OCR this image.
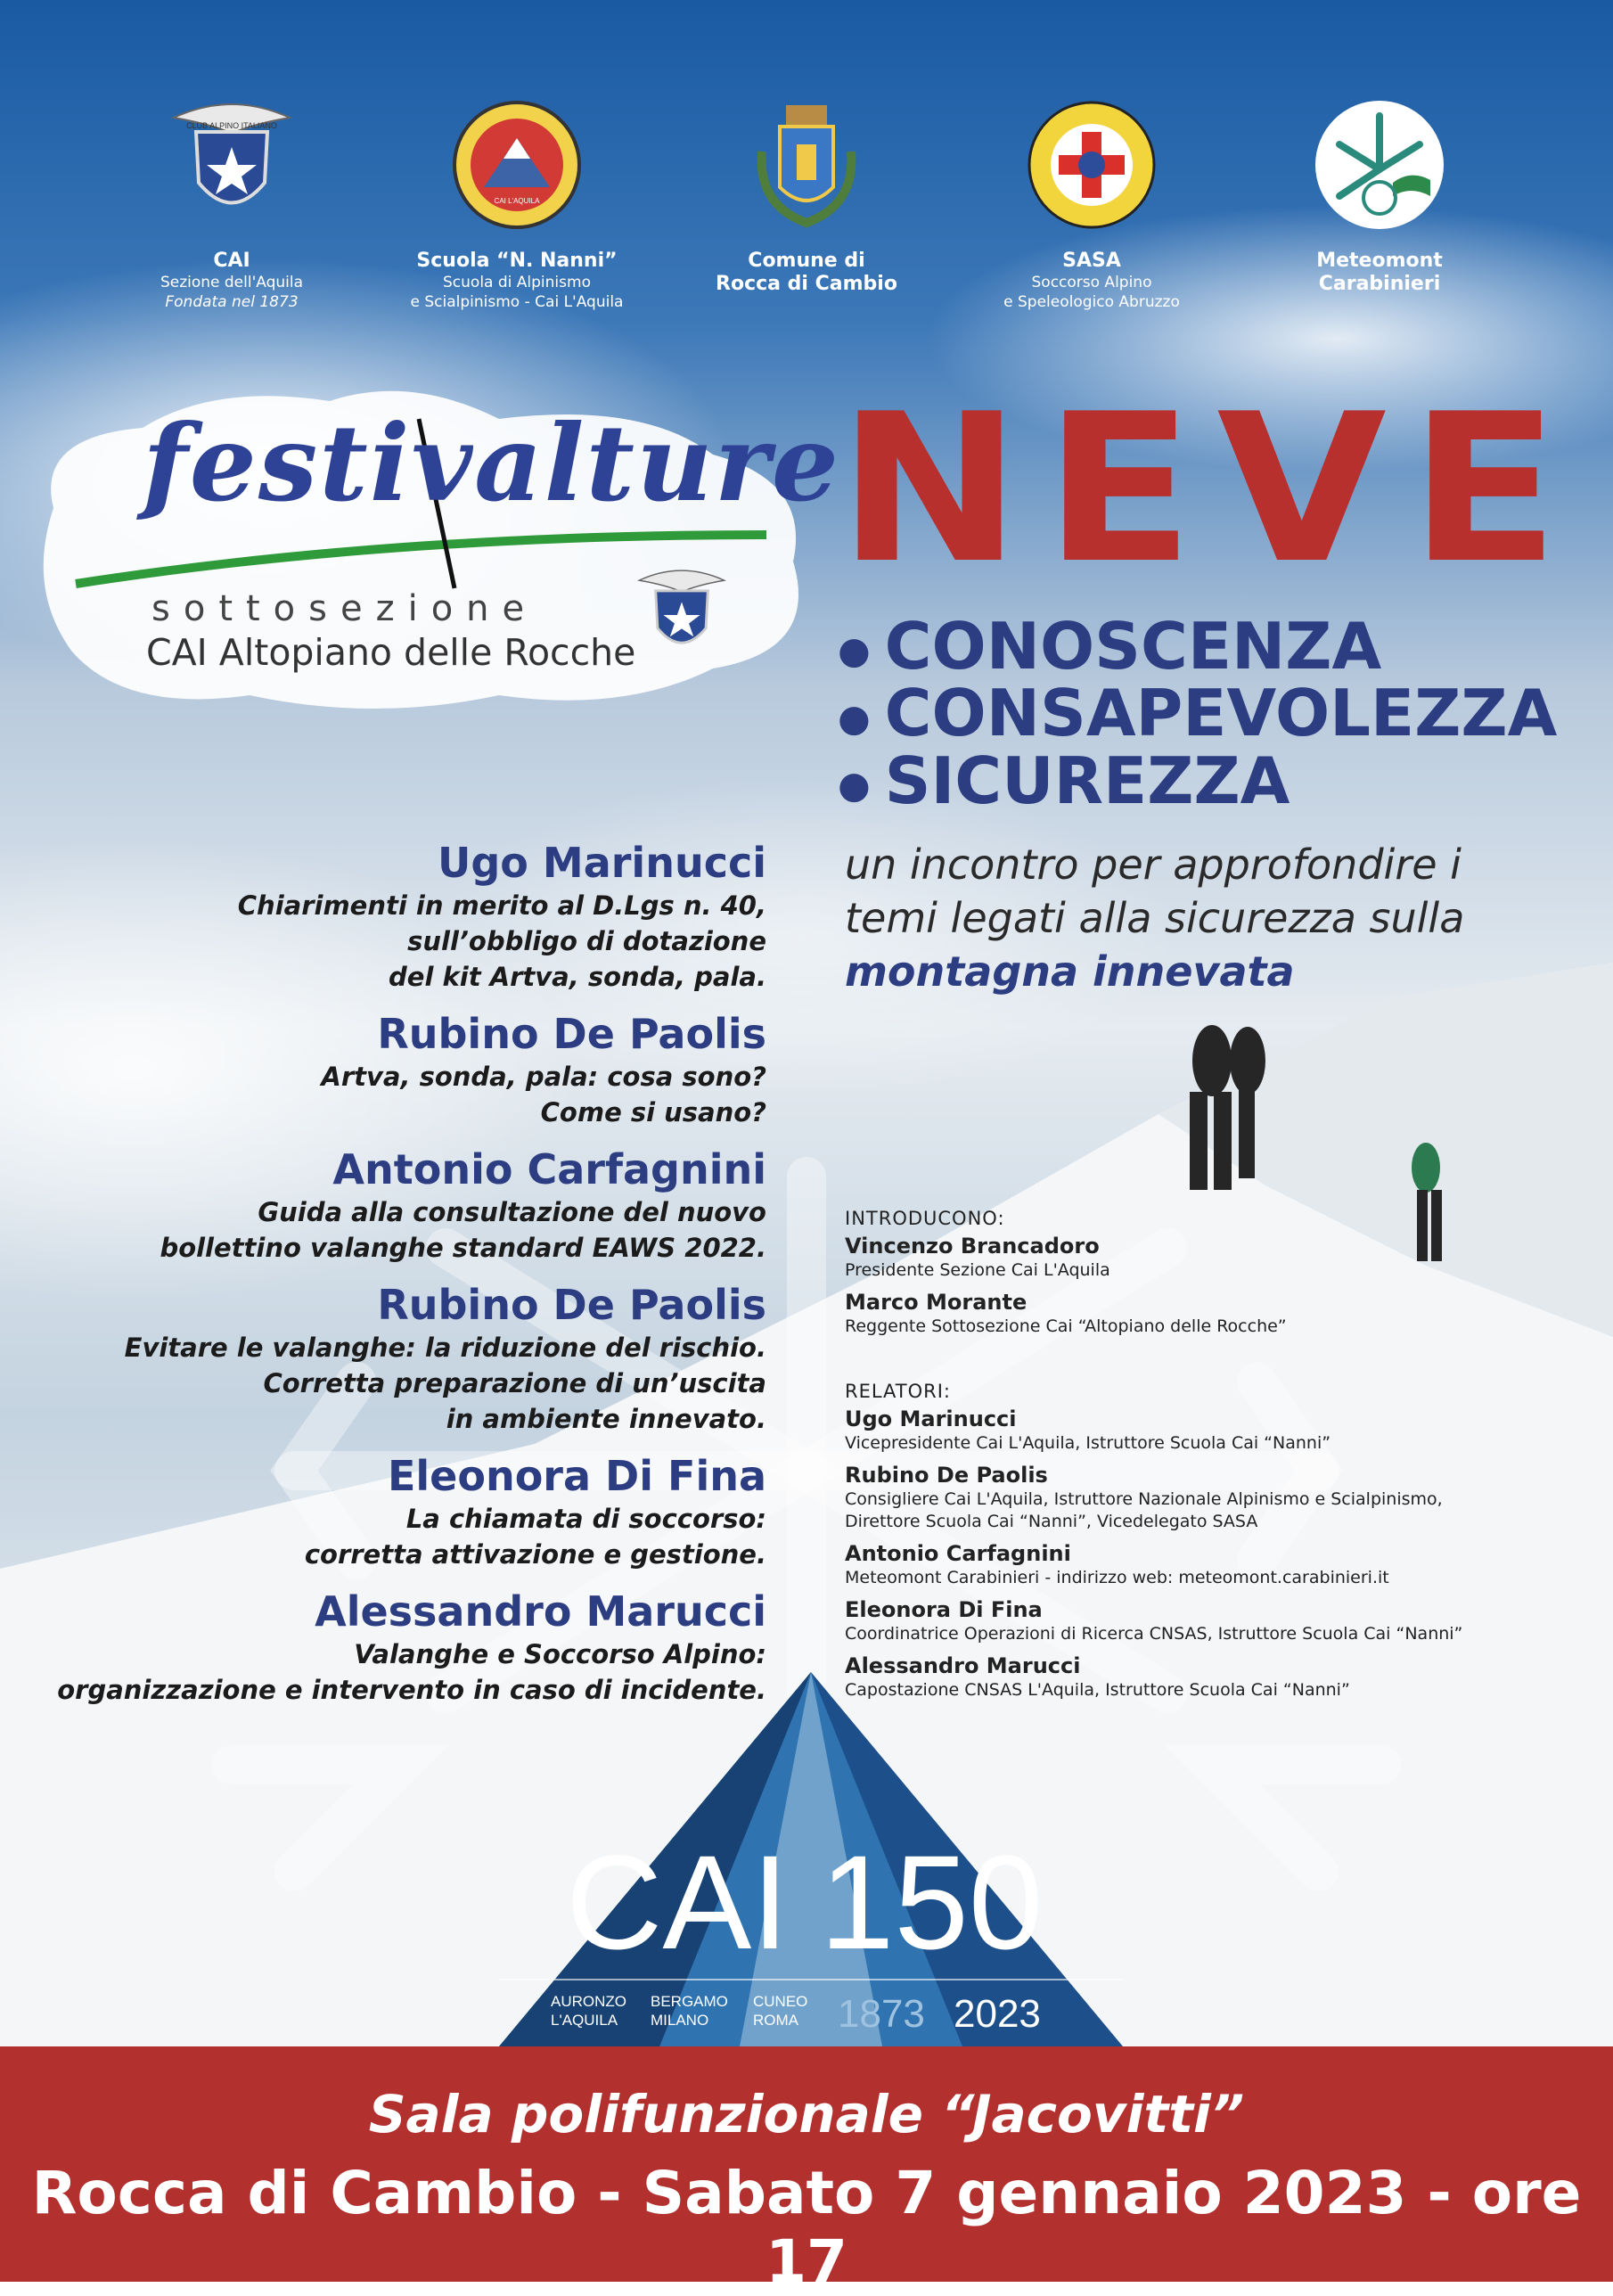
CLUB ALPINO ITALIANO
CAI
Sezione dell'Aquila
Fondata nel 1873
CAI L'AQUILA
Scuola “N. Nanni”
Scuola di Alpinismo
e Scialpinismo - Cai L'Aquila
Comune di
Rocca di Cambio
SASA
Soccorso Alpino
e Speleologico Abruzzo
Meteomont
Carabinieri
festivalture
sottosezione
CAI Altopiano delle Rocche
NEVE
● CONOSCENZA
● CONSAPEVOLEZZA
● SICUREZZA
un incontro per approfondire i
temi legati alla sicurezza sulla
montagna innevata
Ugo Marinucci
Chiarimenti in merito al D.Lgs n. 40,
sull’obbligo di dotazione
del kit Artva, sonda, pala.
Rubino De Paolis
Artva, sonda, pala: cosa sono?
Come si usano?
Antonio Carfagnini
Guida alla consultazione del nuovo
bollettino valanghe standard EAWS 2022.
Rubino De Paolis
Evitare le valanghe: la riduzione del rischio.
Corretta preparazione di un’uscita
in ambiente innevato.
Eleonora Di Fina
La chiamata di soccorso:
corretta attivazione e gestione.
Alessandro Marucci
Valanghe e Soccorso Alpino:
organizzazione e intervento in caso di incidente.
INTRODUCONO:
Vincenzo Brancadoro
Presidente Sezione Cai L'Aquila
Marco Morante
Reggente Sottosezione Cai “Altopiano delle Rocche”
RELATORI:
Ugo Marinucci
Vicepresidente Cai L'Aquila, Istruttore Scuola Cai “Nanni”
Rubino De Paolis
Consigliere Cai L'Aquila, Istruttore Nazionale Alpinismo e Scialpinismo,
Direttore Scuola Cai “Nanni”, Vicedelegato SASA
Antonio Carfagnini
Meteomont Carabinieri - indirizzo web: meteomont.carabinieri.it
Eleonora Di Fina
Coordinatrice Operazioni di Ricerca CNSAS, Istruttore Scuola Cai “Nanni”
Alessandro Marucci
Capostazione CNSAS L'Aquila, Istruttore Scuola Cai “Nanni”
CAI 150
AURONZO
L'AQUILA
BERGAMO
MILANO
CUNEO
ROMA 1873 2023
Sala polifunzionale “Jacovitti”
Rocca di Cambio - Sabato 7 gennaio 2023 - ore 17
